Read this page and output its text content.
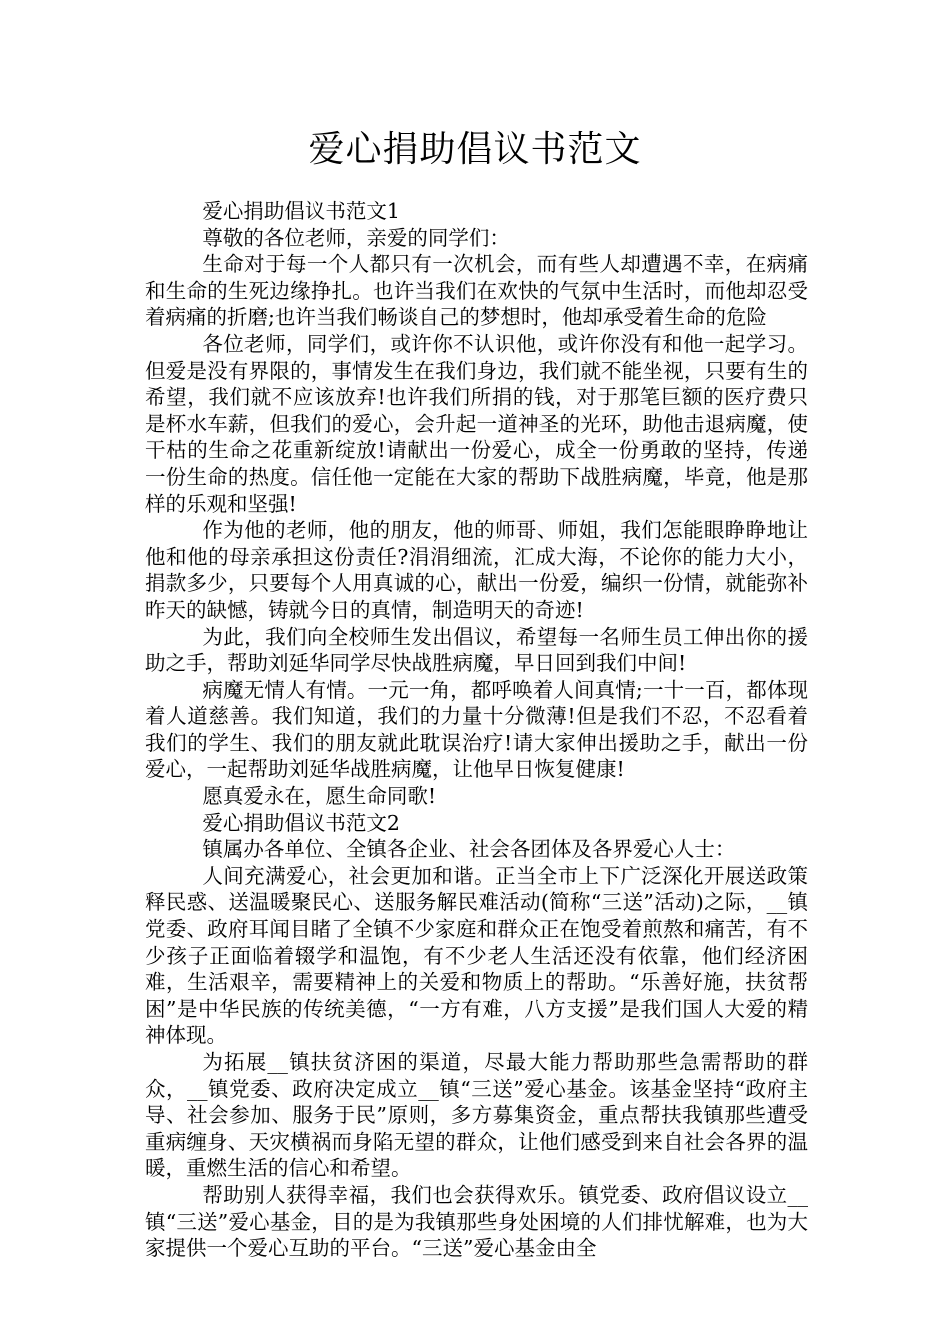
爱心捐助倡议书范文

爱心捐助倡议书范文1

尊敬的各位老师，亲爱的同学们：

生命对于每一个人都只有一次机会，而有些人却遭遇不幸，在病痛和生命的生死边缘挣扎。也许当我们在欢快的气氛中生活时，而他却忍受着病痛的折磨;也许当我们畅谈自己的梦想时，他却承受着生命的危险

各位老师，同学们，或许你不认识他，或许你没有和他一起学习。但爱是没有界限的，事情发生在我们身边，我们就不能坐视，只要有生的希望，我们就不应该放弃!也许我们所捐的钱，对于那笔巨额的医疗费只是杯水车薪，但我们的爱心，会升起一道神圣的光环，助他击退病魔，使干枯的生命之花重新绽放!请献出一份爱心，成全一份勇敢的坚持，传递一份生命的热度。信任他一定能在大家的帮助下战胜病魔，毕竟，他是那样的乐观和坚强!

作为他的老师，他的朋友，他的师哥、师姐，我们怎能眼睁睁地让他和他的母亲承担这份责任?涓涓细流，汇成大海，不论你的能力大小，捐款多少，只要每个人用真诚的心，献出一份爱，编织一份情，就能弥补昨天的缺憾，铸就今日的真情，制造明天的奇迹!

为此，我们向全校师生发出倡议，希望每一名师生员工伸出你的援助之手，帮助刘延华同学尽快战胜病魔，早日回到我们中间!

病魔无情人有情。一元一角，都呼唤着人间真情;一十一百，都体现着人道慈善。我们知道，我们的力量十分微薄!但是我们不忍，不忍看着我们的学生、我们的朋友就此耽误治疗!请大家伸出援助之手，献出一份爱心，一起帮助刘延华战胜病魔，让他早日恢复健康!

愿真爱永在，愿生命同歌!

爱心捐助倡议书范文2

镇属办各单位、全镇各企业、社会各团体及各界爱心人士：

人间充满爱心，社会更加和谐。正当全市上下广泛深化开展送政策释民惑、送温暖聚民心、送服务解民难活动(简称“三送”活动)之际，__镇党委、政府耳闻目睹了全镇不少家庭和群众正在饱受着煎熬和痛苦，有不少孩子正面临着辍学和温饱，有不少老人生活还没有依靠，他们经济困难，生活艰辛，需要精神上的关爱和物质上的帮助。“乐善好施，扶贫帮困”是中华民族的传统美德，“一方有难，八方支援”是我们国人大爱的精神体现。

为拓展__镇扶贫济困的渠道，尽最大能力帮助那些急需帮助的群众，__镇党委、政府决定成立__镇“三送”爱心基金。该基金坚持“政府主导、社会参加、服务于民”原则，多方募集资金，重点帮扶我镇那些遭受重病缠身、天灾横祸而身陷无望的群众，让他们感受到来自社会各界的温暖，重燃生活的信心和希望。

帮助别人获得幸福，我们也会获得欢乐。镇党委、政府倡议设立__镇“三送”爱心基金，目的是为我镇那些身处困境的人们排忧解难，也为大家提供一个爱心互助的平台。“三送”爱心基金由全
